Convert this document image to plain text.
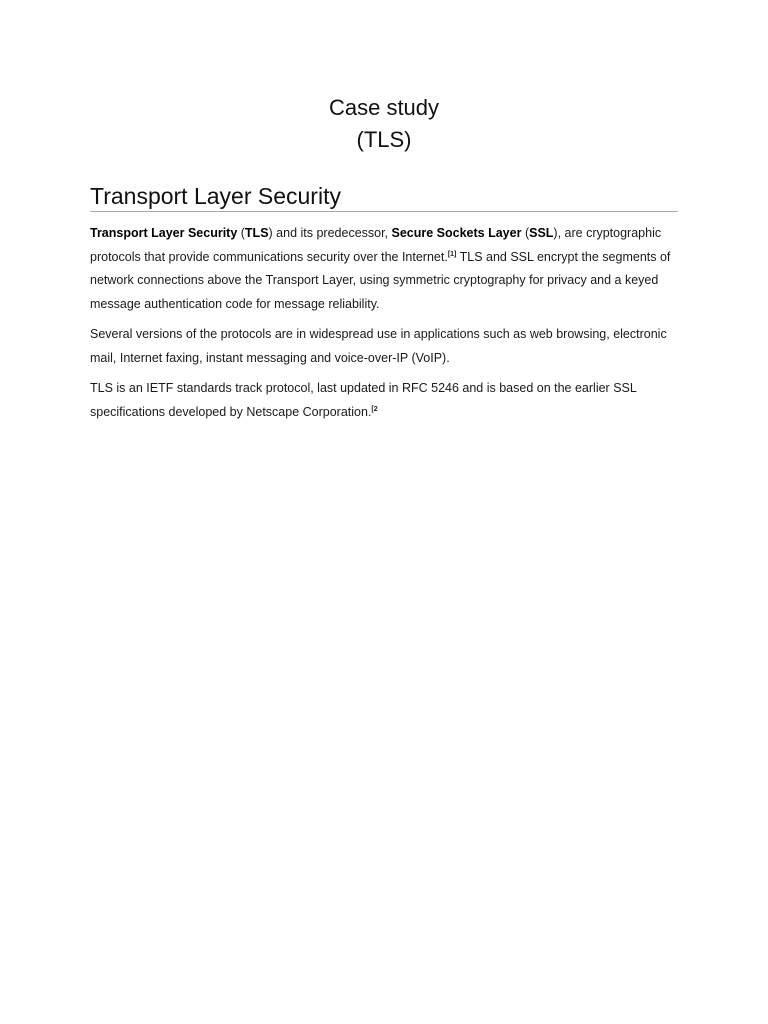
Case study
(TLS)
Transport Layer Security

Transport Layer Security (TLS) and its predecessor, Secure Sockets Layer (SSL), are cryptographic protocols that provide communications security over the Internet.[1] TLS and SSL encrypt the segments of network connections above the Transport Layer, using symmetric cryptography for privacy and a keyed message authentication code for message reliability.

Several versions of the protocols are in widespread use in applications such as web browsing, electronic mail, Internet faxing, instant messaging and voice-over-IP (VoIP).

TLS is an IETF standards track protocol, last updated in RFC 5246 and is based on the earlier SSL specifications developed by Netscape Corporation.$^{[2}$
